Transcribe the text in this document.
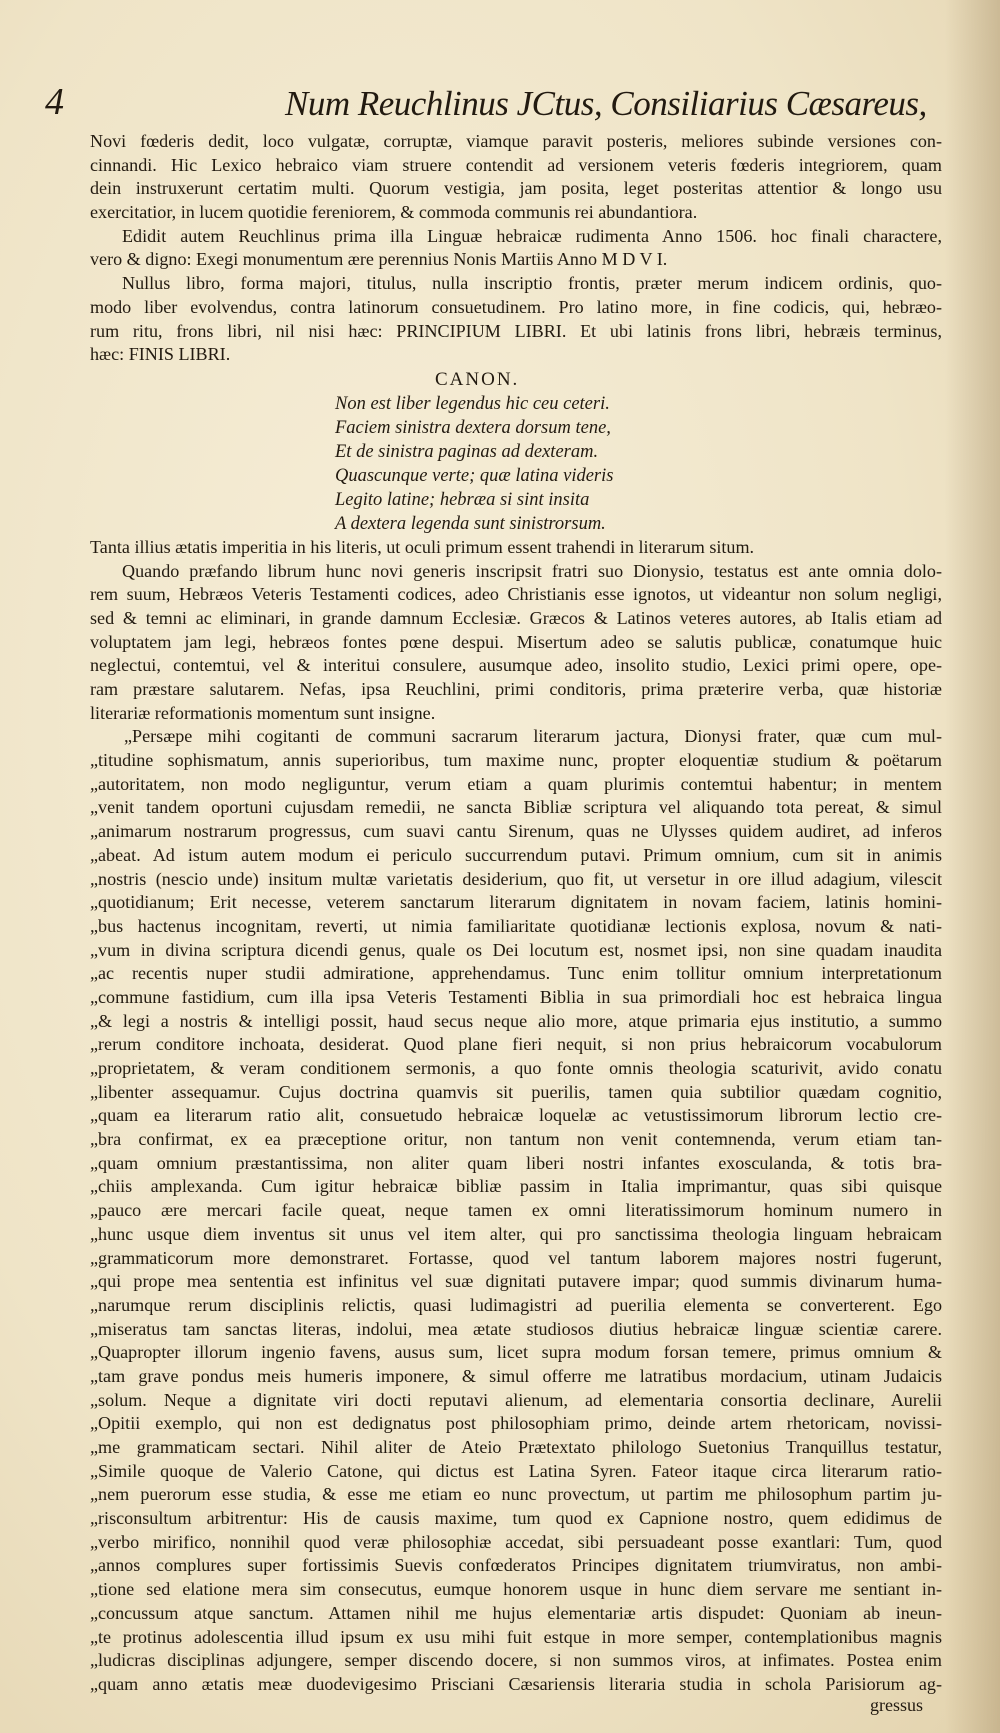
4	Num Reuchlinus JCtus, Consiliarius Cæsareus,
Novi fœderis dedit, loco vulgatæ, corruptæ, viamque paravit posteris, meliores subinde versiones con-
cinnandi. Hic Lexico hebraico viam struere contendit ad versionem veteris fœderis integriorem, quam
dein instruxerunt certatim multi. Quorum vestigia, jam posita, leget posteritas attentior & longo usu
exercitatior, in lucem quotidie fereniorem, & commoda communis rei abundantiora.
Edidit autem Reuchlinus prima illa Linguæ hebraicæ rudimenta Anno 1506. hoc finali charactere,
vero & digno: Exegi monumentum ære perennius Nonis Martiis Anno M D V I.
Nullus libro, forma majori, titulus, nulla inscriptio frontis, præter merum indicem ordinis, quo-
modo liber evolvendus, contra latinorum consuetudinem. Pro latino more, in fine codicis, qui, hebræo-
rum ritu, frons libri, nil nisi hæc: PRINCIPIUM LIBRI. Et ubi latinis frons libri, hebræis terminus,
hæc: FINIS LIBRI.
CANON.
Non est liber legendus hic ceu ceteri.
Faciem sinistra dextera dorsum tene,
Et de sinistra paginas ad dexteram.
Quascunque verte; quæ latina videris
Legito latine; hebræa si sint insita
A dextera legenda sunt sinistrorsum.
Tanta illius ætatis imperitia in his literis, ut oculi primum essent trahendi in literarum situm.
Quando præfando librum hunc novi generis inscripsit fratri suo Dionysio, testatus est ante omnia dolo-
rem suum, Hebræos Veteris Testamenti codices, adeo Christianis esse ignotos, ut videantur non solum negligi,
sed & temni ac eliminari, in grande damnum Ecclesiæ. Græcos & Latinos veteres autores, ab Italis etiam ad
voluptatem jam legi, hebræos fontes pœne despui. Misertum adeo se salutis publicæ, conatumque huic
neglectui, contemtui, vel & interitui consulere, ausumque adeo, insolito studio, Lexici primi opere, ope-
ram præstare salutarem. Nefas, ipsa Reuchlini, primi conditoris, prima præterire verba, quæ historiæ
literariæ reformationis momentum sunt insigne.
„Persæpe mihi cogitanti de communi sacrarum literarum jactura, Dionysi frater, quæ cum mul-
„titudine sophismatum, annis superioribus, tum maxime nunc, propter eloquentiæ studium & poëtarum
„autoritatem, non modo negliguntur, verum etiam a quam plurimis contemtui habentur; in mentem
„venit tandem oportuni cujusdam remedii, ne sancta Bibliæ scriptura vel aliquando tota pereat, & simul
„animarum nostrarum progressus, cum suavi cantu Sirenum, quas ne Ulysses quidem audiret, ad inferos
„abeat. Ad istum autem modum ei periculo succurrendum putavi. Primum omnium, cum sit in animis
„nostris (nescio unde) insitum multæ varietatis desiderium, quo fit, ut versetur in ore illud adagium, vilescit
„quotidianum; Erit necesse, veterem sanctarum literarum dignitatem in novam faciem, latinis homini-
„bus hactenus incognitam, reverti, ut nimia familiaritate quotidianæ lectionis explosa, novum & nati-
„vum in divina scriptura dicendi genus, quale os Dei locutum est, nosmet ipsi, non sine quadam inaudita
„ac recentis nuper studii admiratione, apprehendamus. Tunc enim tollitur omnium interpretationum
„commune fastidium, cum illa ipsa Veteris Testamenti Biblia in sua primordiali hoc est hebraica lingua
„& legi a nostris & intelligi possit, haud secus neque alio more, atque primaria ejus institutio, a summo
„rerum conditore inchoata, desiderat. Quod plane fieri nequit, si non prius hebraicorum vocabulorum
„proprietatem, & veram conditionem sermonis, a quo fonte omnis theologia scaturivit, avido conatu
„libenter assequamur. Cujus doctrina quamvis sit puerilis, tamen quia subtilior quædam cognitio,
„quam ea literarum ratio alit, consuetudo hebraicæ loquelæ ac vetustissimorum librorum lectio cre-
„bra confirmat, ex ea præceptione oritur, non tantum non venit contemnenda, verum etiam tan-
„quam omnium præstantissima, non aliter quam liberi nostri infantes exosculanda, & totis bra-
„chiis amplexanda. Cum igitur hebraicæ bibliæ passim in Italia imprimantur, quas sibi quisque
„pauco ære mercari facile queat, neque tamen ex omni literatissimorum hominum numero in
„hunc usque diem inventus sit unus vel item alter, qui pro sanctissima theologia linguam hebraicam
„grammaticorum more demonstraret. Fortasse, quod vel tantum laborem majores nostri fugerunt,
„qui prope mea sententia est infinitus vel suæ dignitati putavere impar; quod summis divinarum huma-
„narumque rerum disciplinis relictis, quasi ludimagistri ad puerilia elementa se converterent. Ego
„miseratus tam sanctas literas, indolui, mea ætate studiosos diutius hebraicæ linguæ scientiæ carere.
„Quapropter illorum ingenio favens, ausus sum, licet supra modum forsan temere, primus omnium &
„tam grave pondus meis humeris imponere, & simul offerre me latratibus mordacium, utinam Judaicis
„solum. Neque a dignitate viri docti reputavi alienum, ad elementaria consortia declinare, Aurelii
„Opitii exemplo, qui non est dedignatus post philosophiam primo, deinde artem rhetoricam, novissi-
„me grammaticam sectari. Nihil aliter de Ateio Prætextato philologo Suetonius Tranquillus testatur,
„Simile quoque de Valerio Catone, qui dictus est Latina Syren. Fateor itaque circa literarum ratio-
„nem puerorum esse studia, & esse me etiam eo nunc provectum, ut partim me philosophum partim ju-
„risconsultum arbitrentur: His de causis maxime, tum quod ex Capnione nostro, quem edidimus de
„verbo mirifico, nonnihil quod veræ philosophiæ accedat, sibi persuadeant posse exantlari: Tum, quod
„annos complures super fortissimis Suevis confœderatos Principes dignitatem triumviratus, non ambi-
„tione sed elatione mera sim consecutus, eumque honorem usque in hunc diem servare me sentiant in-
„concussum atque sanctum. Attamen nihil me hujus elementariæ artis dispudet: Quoniam ab ineun-
„te protinus adolescentia illud ipsum ex usu mihi fuit estque in more semper, contemplationibus magnis
„ludicras disciplinas adjungere, semper discendo docere, si non summos viros, at infimates. Postea enim
„quam anno ætatis meæ duodevigesimo Prisciani Cæsariensis literaria studia in schola Parisiorum ag-
gressus
